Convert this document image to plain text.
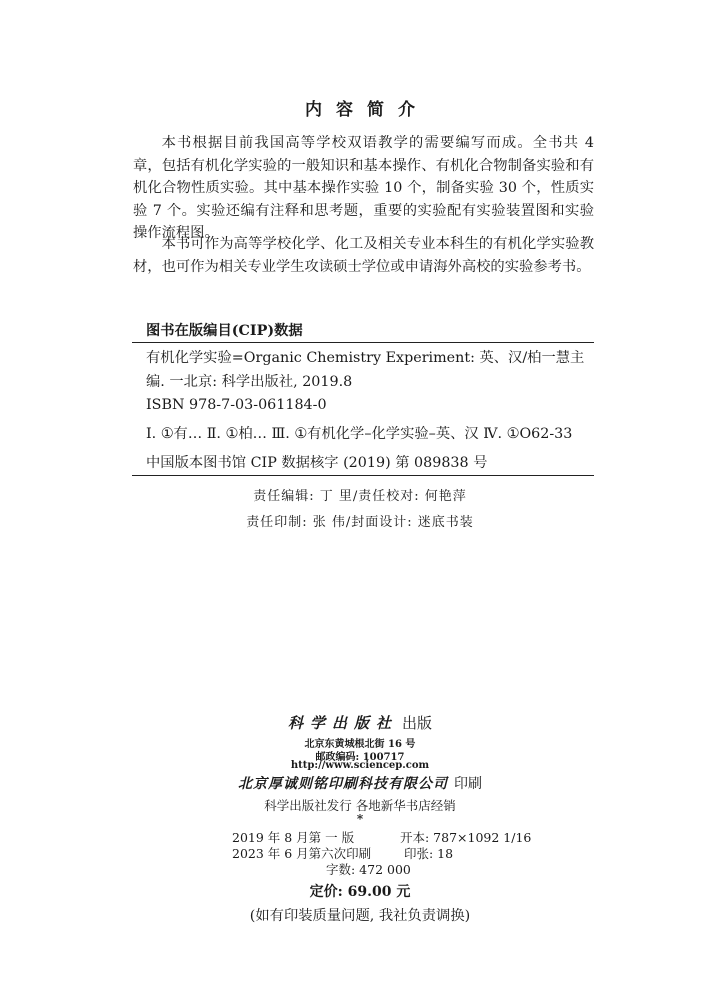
内容简介

本书根据目前我国高等学校双语教学的需要编写而成。全书共 4 章，包括有机化学实验的一般知识和基本操作、有机化合物制备实验和有机化合物性质实验。其中基本操作实验 10 个，制备实验 30 个，性质实验 7 个。实验还编有注释和思考题，重要的实验配有实验装置图和实验操作流程图。

本书可作为高等学校化学、化工及相关专业本科生的有机化学实验教材，也可作为相关专业学生攻读硕士学位或申请海外高校的实验参考书。

图书在版编目(CIP)数据

有机化学实验=Organic Chemistry Experiment: 英、汉/柏一慧主编. 一北京: 科学出版社, 2019.8

ISBN 978-7-03-061184-0
Ⅰ. ①有… Ⅱ. ①柏… Ⅲ. ①有机化学–化学实验–英、汉 Ⅳ. ①O62-33
中国版本图书馆 CIP 数据核字 (2019) 第 089838 号
责任编辑: 丁 里/责任校对: 何艳萍
责任印制: 张 伟/封面设计: 迷底书装
科学出版社 出版
北京东黄城根北街 16 号
邮政编码: 100717
http://www.sciencep.com
北京厚诚则铭印刷科技有限公司 印刷
科学出版社发行 各地新华书店经销
*
2019 年 8 月第 一 版	开本: 787×1092 1/16
2023 年 6 月第六次印刷	印张: 18
字数: 472 000
定价: 69.00 元
(如有印装质量问题, 我社负责调换)
